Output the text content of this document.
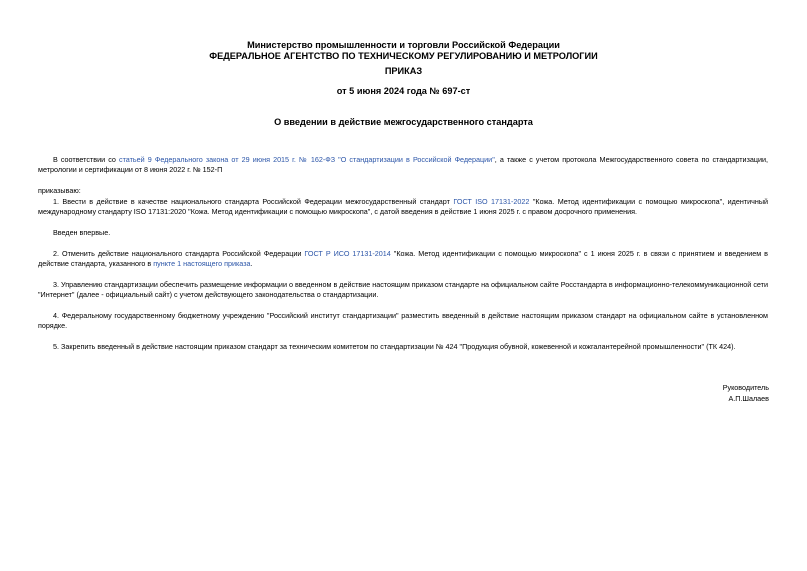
Министерство промышленности и торговли Российской Федерации
ФЕДЕРАЛЬНОЕ АГЕНТСТВО ПО ТЕХНИЧЕСКОМУ РЕГУЛИРОВАНИЮ И МЕТРОЛОГИИ
ПРИКАЗ
от 5 июня 2024 года № 697-ст
О введении в действие межгосударственного стандарта
В соответствии со статьей 9 Федерального закона от 29 июня 2015 г. № 162-ФЗ "О стандартизации в Российской Федерации", а также с учетом протокола Межгосударственного совета по стандартизации, метрологии и сертификации от 8 июня 2022 г. № 152-П
приказываю:
1. Ввести в действие в качестве национального стандарта Российской Федерации межгосударственный стандарт ГОСТ ISO 17131-2022 "Кожа. Метод идентификации с помощью микроскопа", идентичный международному стандарту ISO 17131:2020 "Кожа. Метод идентификации с помощью микроскопа", с датой введения в действие 1 июня 2025 г. с правом досрочного применения.
Введен впервые.
2. Отменить действие национального стандарта Российской Федерации ГОСТ Р ИСО 17131-2014 "Кожа. Метод идентификации с помощью микроскопа" с 1 июня 2025 г. в связи с принятием и введением в действие стандарта, указанного в пункте 1 настоящего приказа.
3. Управлению стандартизации обеспечить размещение информации о введенном в действие настоящим приказом стандарте на официальном сайте Росстандарта в информационно-телекоммуникационной сети "Интернет" (далее - официальный сайт) с учетом действующего законодательства о стандартизации.
4. Федеральному государственному бюджетному учреждению "Российский институт стандартизации" разместить введенный в действие настоящим приказом стандарт на официальном сайте в установленном порядке.
5. Закрепить введенный в действие настоящим приказом стандарт за техническим комитетом по стандартизации № 424 "Продукция обувной, кожевенной и кожгалантерейной промышленности" (ТК 424).
Руководитель
А.П.Шалаев
